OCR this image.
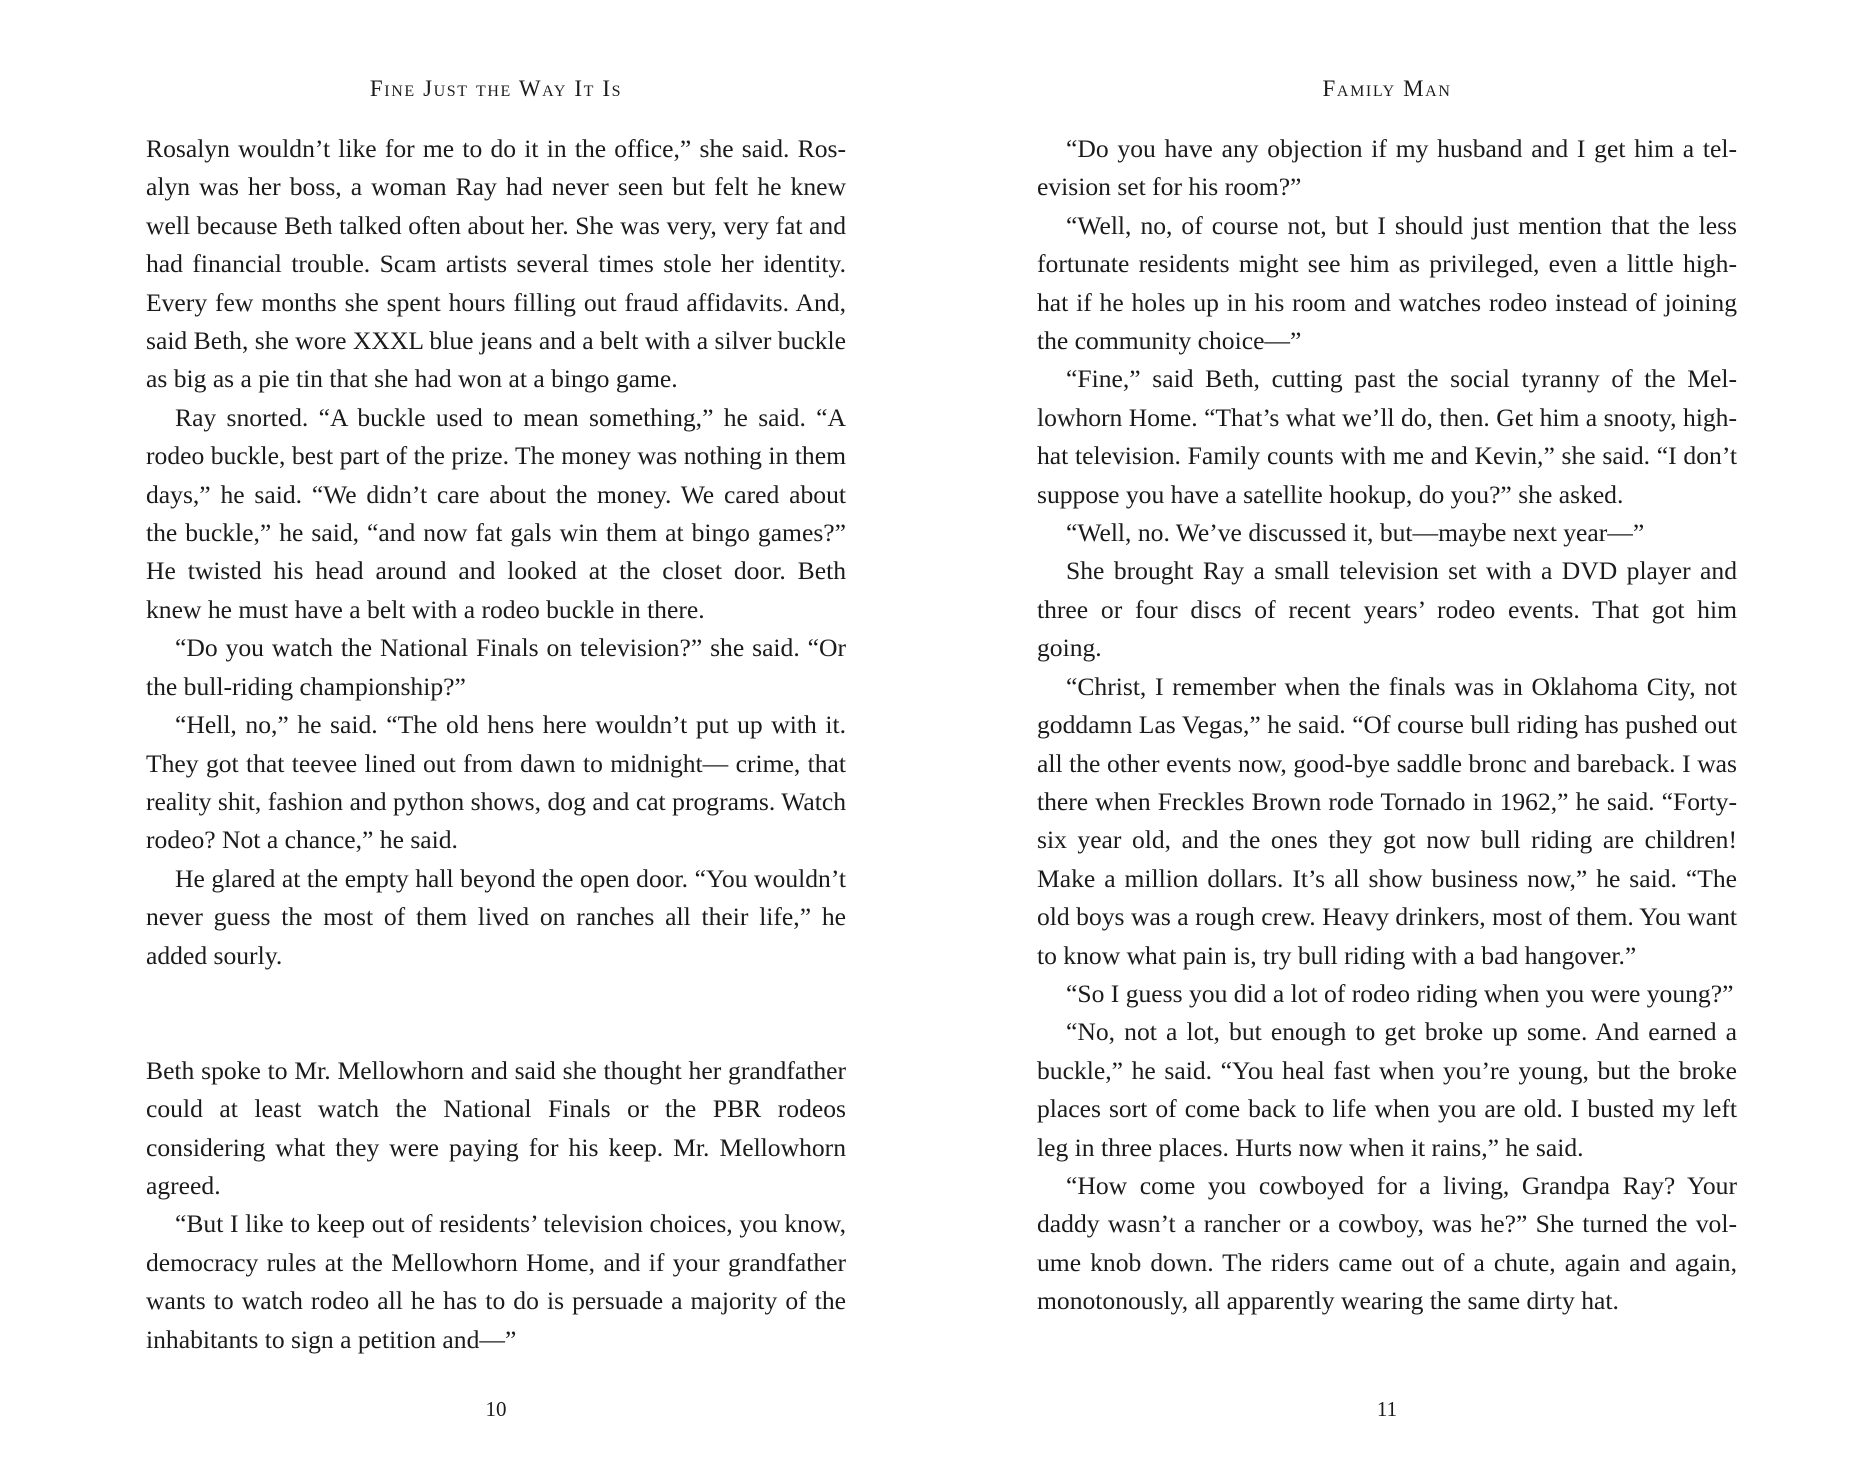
Fine Just the Way It Is

Rosalyn wouldn’t like for me to do it in the office,” she said. Rosalyn was her boss, a woman Ray had never seen but felt he knew well because Beth talked often about her. She was very, very fat and had financial trouble. Scam artists several times stole her identity. Every few months she spent hours filling out fraud affidavits. And, said Beth, she wore XXXL blue jeans and a belt with a silver buckle as big as a pie tin that she had won at a bingo game.

Ray snorted. “A buckle used to mean something,” he said. “A rodeo buckle, best part of the prize. The money was nothing in them days,” he said. “We didn’t care about the money. We cared about the buckle,” he said, “and now fat gals win them at bingo games?” He twisted his head around and looked at the closet door. Beth knew he must have a belt with a rodeo buckle in there.

“Do you watch the National Finals on television?” she said. “Or the bull-riding championship?”

“Hell, no,” he said. “The old hens here wouldn’t put up with it. They got that teevee lined out from dawn to midnight— crime, that reality shit, fashion and python shows, dog and cat programs. Watch rodeo? Not a chance,” he said.

He glared at the empty hall beyond the open door. “You wouldn’t never guess the most of them lived on ranches all their life,” he added sourly.

Beth spoke to Mr. Mellowhorn and said she thought her grandfather could at least watch the National Finals or the PBR rodeos considering what they were paying for his keep. Mr. Mellowhorn agreed.

“But I like to keep out of residents’ television choices, you know, democracy rules at the Mellowhorn Home, and if your grandfather wants to watch rodeo all he has to do is persuade a majority of the inhabitants to sign a petition and—”

10
Family Man

“Do you have any objection if my husband and I get him a television set for his room?”

“Well, no, of course not, but I should just mention that the less fortunate residents might see him as privileged, even a little high-hat if he holes up in his room and watches rodeo instead of joining the community choice—”

“Fine,” said Beth, cutting past the social tyranny of the Mellowhorn Home. “That’s what we’ll do, then. Get him a snooty, high-hat television. Family counts with me and Kevin,” she said. “I don’t suppose you have a satellite hookup, do you?” she asked.

“Well, no. We’ve discussed it, but—maybe next year—”

She brought Ray a small television set with a DVD player and three or four discs of recent years’ rodeo events. That got him going.

“Christ, I remember when the finals was in Oklahoma City, not goddamn Las Vegas,” he said. “Of course bull riding has pushed out all the other events now, good-bye saddle bronc and bareback. I was there when Freckles Brown rode Tornado in 1962,” he said. “Forty-six year old, and the ones they got now bull riding are children! Make a million dollars. It’s all show business now,” he said. “The old boys was a rough crew. Heavy drinkers, most of them. You want to know what pain is, try bull riding with a bad hangover.”

“So I guess you did a lot of rodeo riding when you were young?”

“No, not a lot, but enough to get broke up some. And earned a buckle,” he said. “You heal fast when you’re young, but the broke places sort of come back to life when you are old. I busted my left leg in three places. Hurts now when it rains,” he said.

“How come you cowboyed for a living, Grandpa Ray? Your daddy wasn’t a rancher or a cowboy, was he?” She turned the volume knob down. The riders came out of a chute, again and again, monotonously, all apparently wearing the same dirty hat.

11
